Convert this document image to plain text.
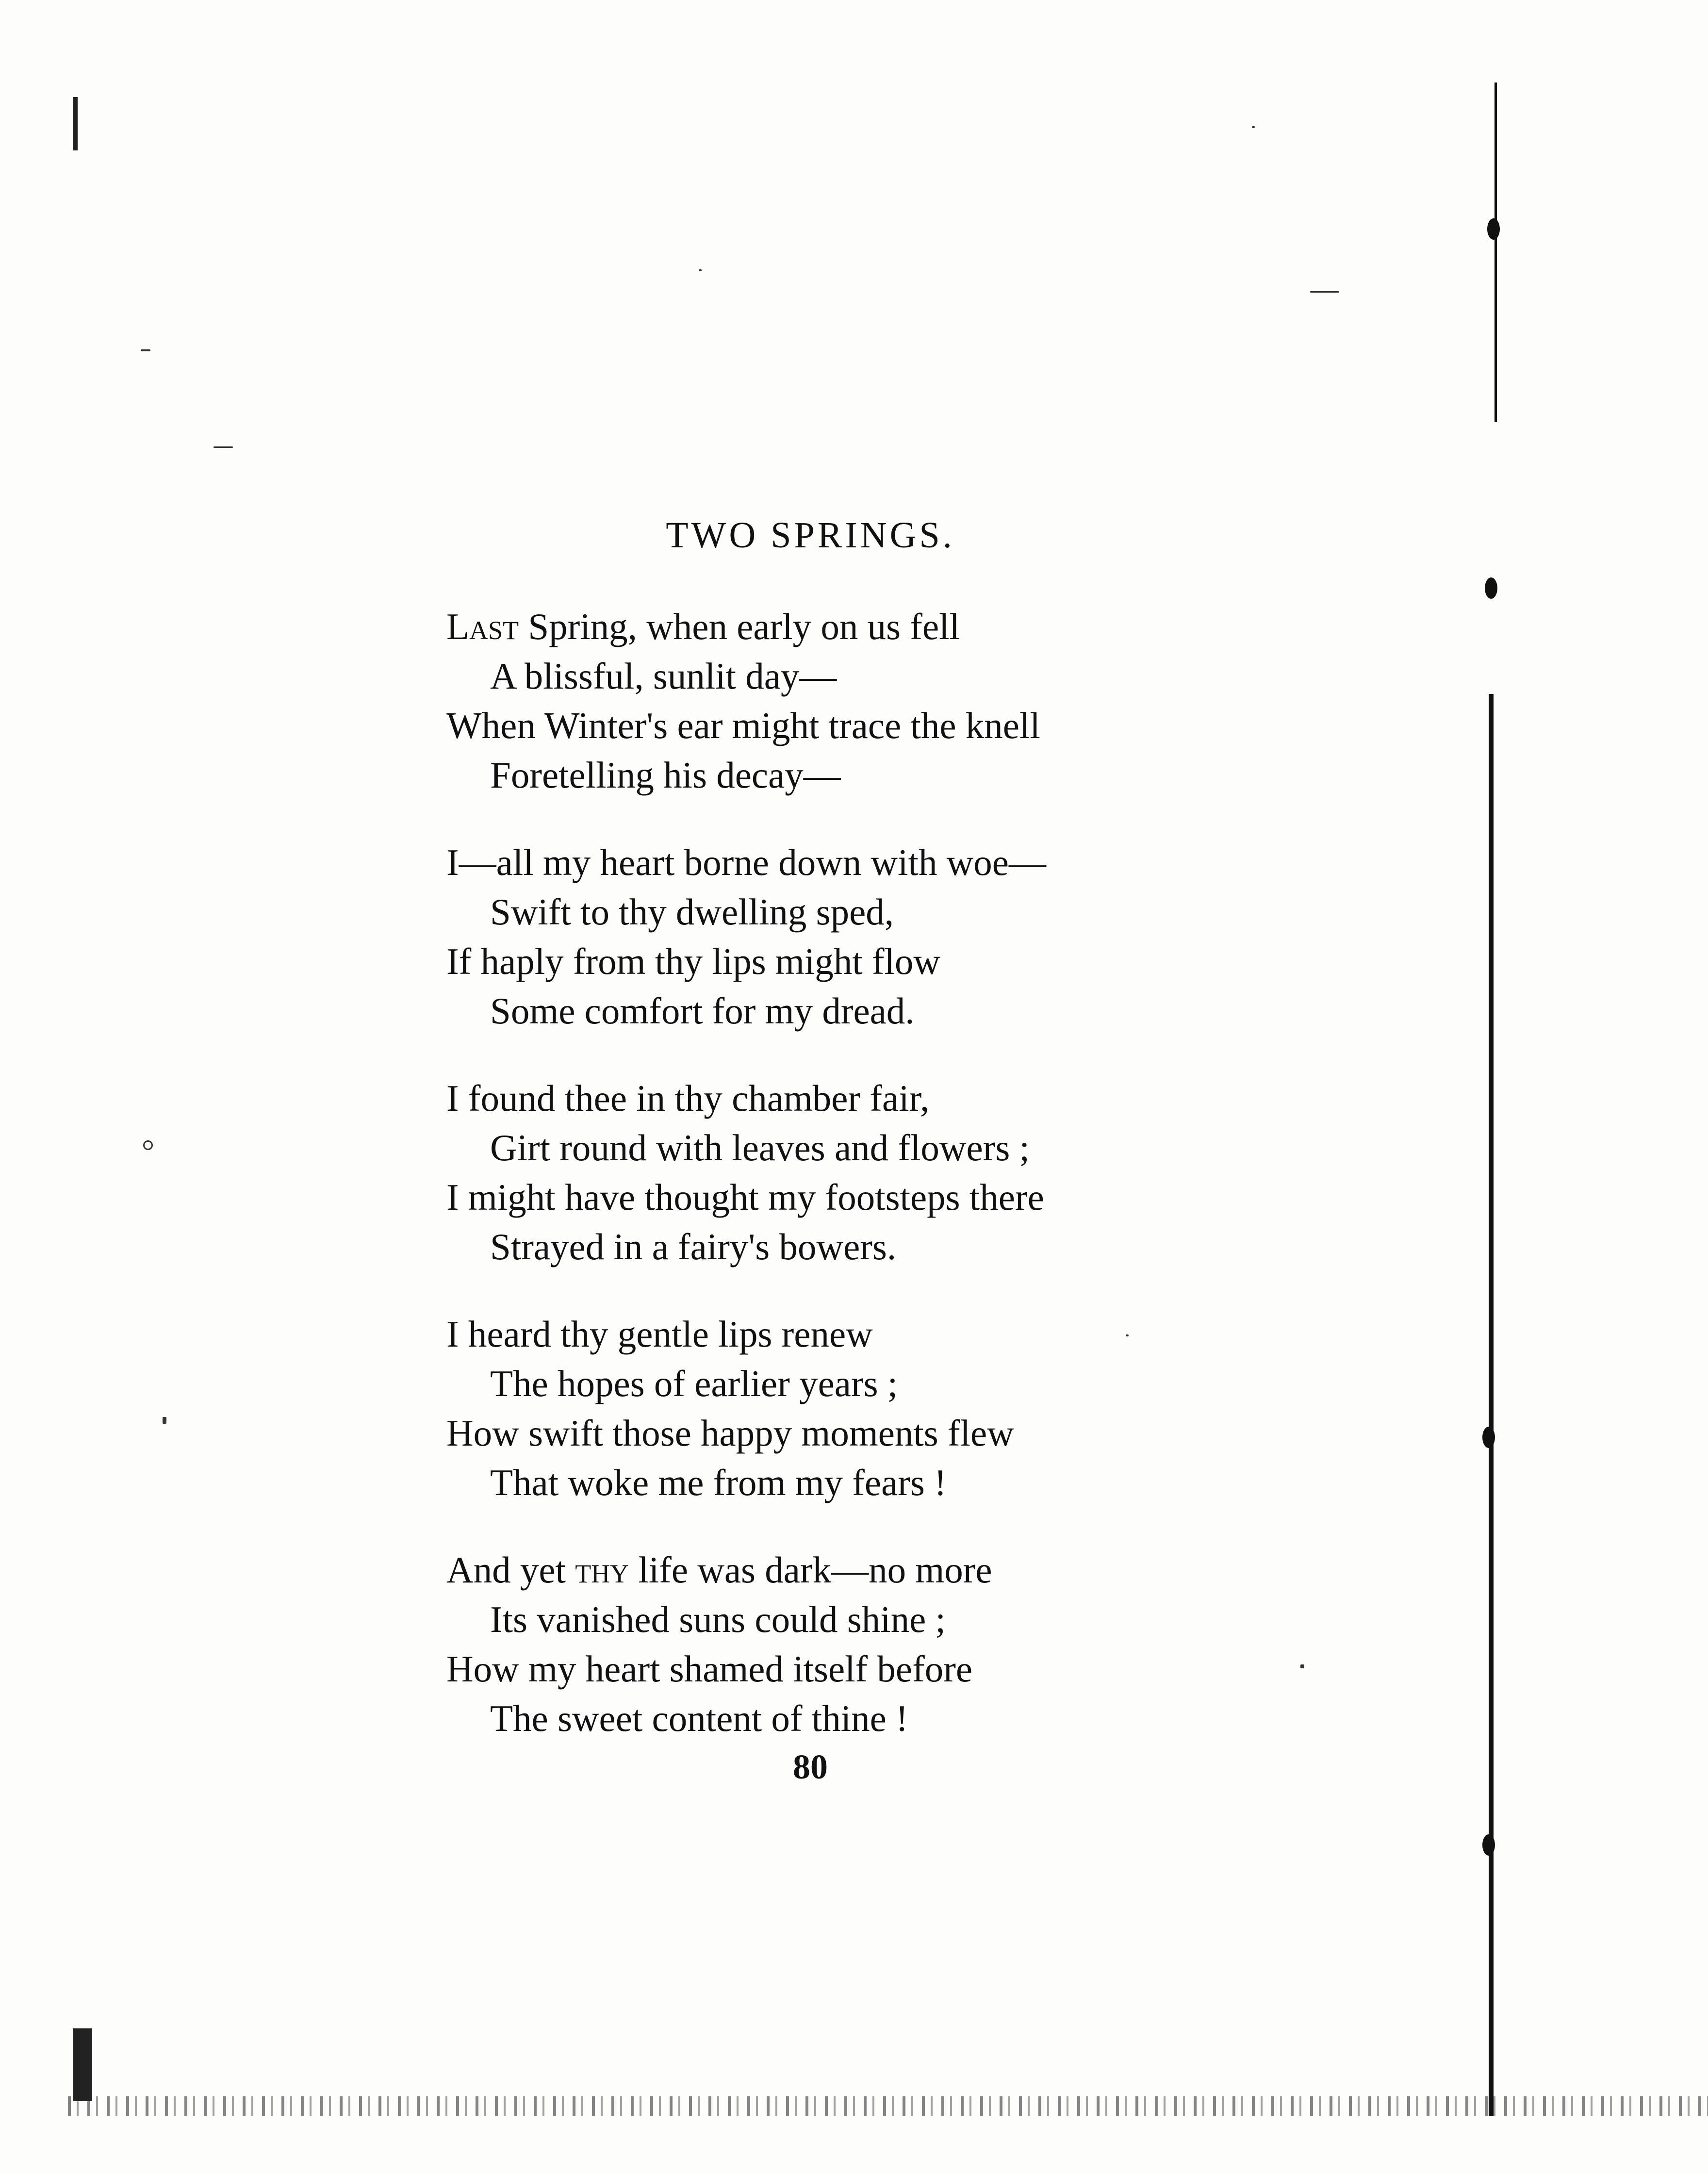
TWO SPRINGS.
Last Spring, when early on us fell
A blissful, sunlit day—
When Winter's ear might trace the knell
Foretelling his decay—
I—all my heart borne down with woe—
Swift to thy dwelling sped,
If haply from thy lips might flow
Some comfort for my dread.
I found thee in thy chamber fair,
Girt round with leaves and flowers ;
I might have thought my footsteps there
Strayed in a fairy's bowers.
I heard thy gentle lips renew
The hopes of earlier years ;
How swift those happy moments flew
That woke me from my fears !
And yet thy life was dark—no more
Its vanished suns could shine ;
How my heart shamed itself before
The sweet content of thine !
80
